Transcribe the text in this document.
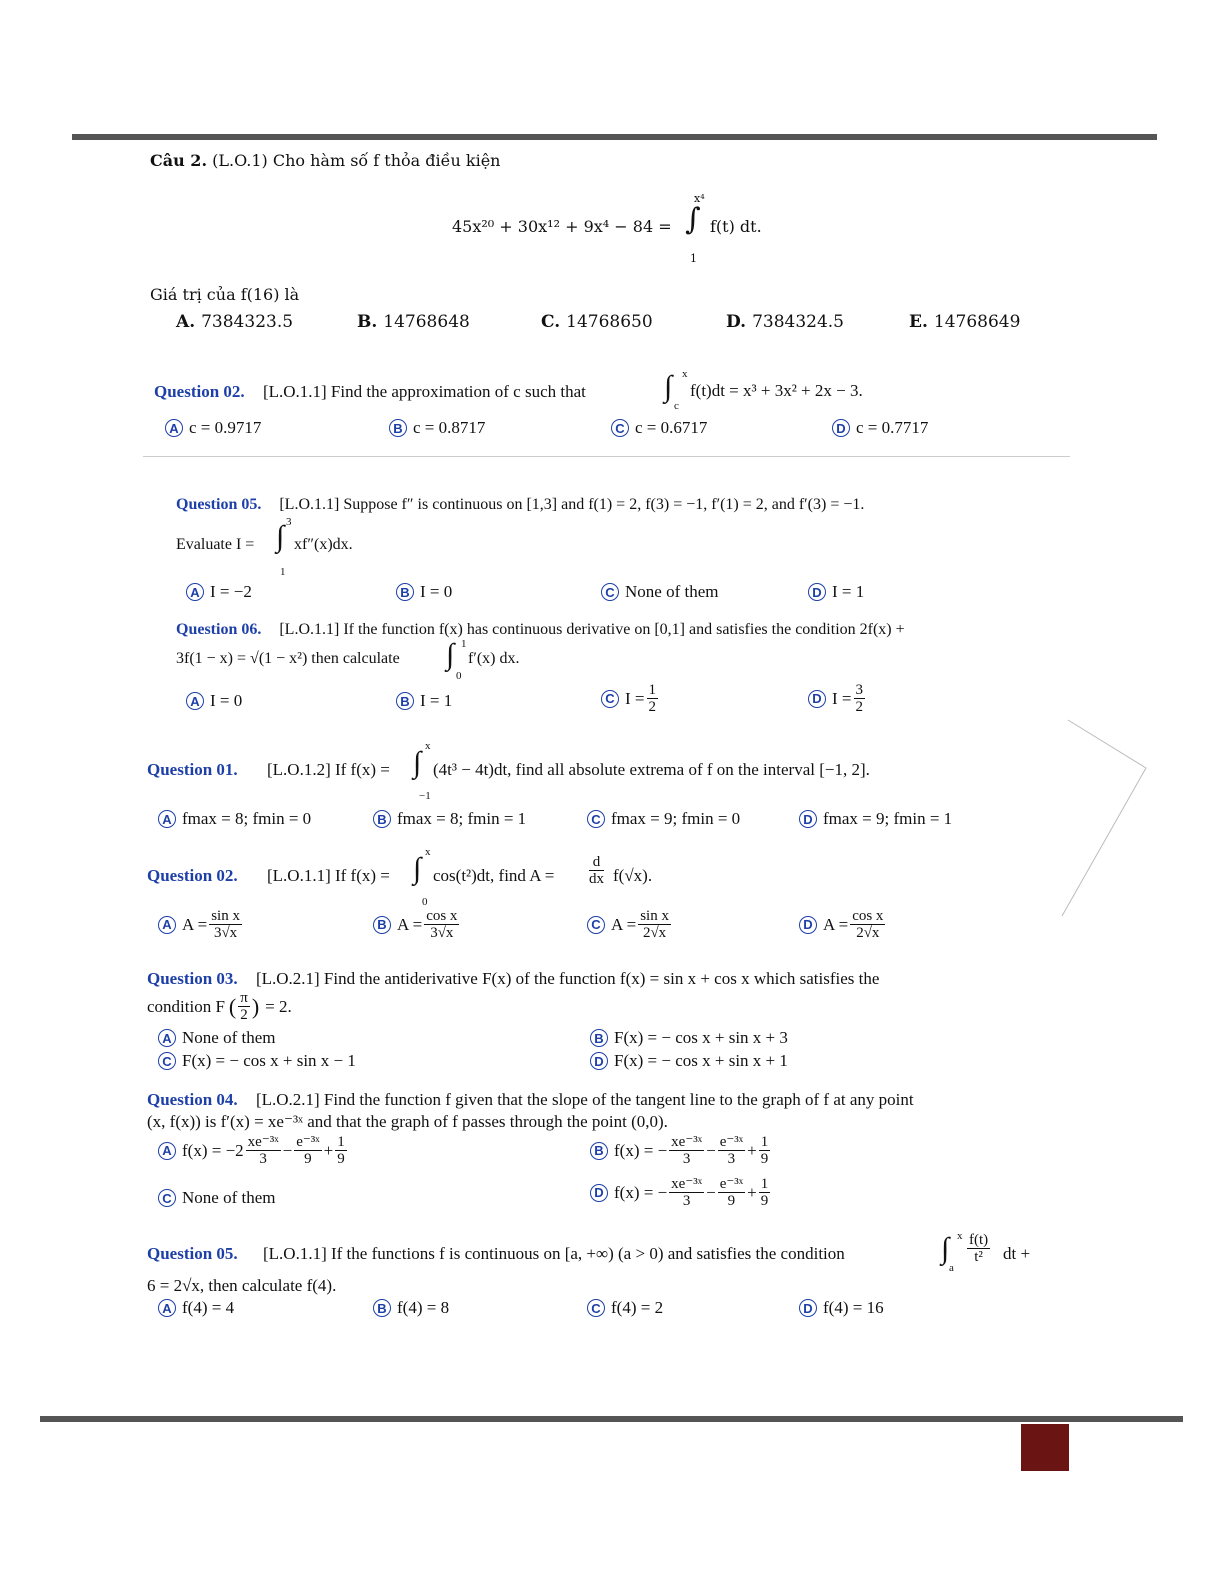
Câu 2. (L.O.1) Cho hàm số f thỏa điều kiện
45x²⁰ + 30x¹² + 9x⁴ − 84 = ∫
x⁴
1
f(t) dt.
Giá trị của f(16) là
A. 7384323.5	B. 14768648	C. 14768650	D. 7384324.5	E. 14768649
Question 02. [L.O.1.1] Find the approximation of c such that	∫ x
c
f(t)dt = x³ + 3x² + 2x − 3.
A c = 0.9717	B c = 0.8717	C c = 0.6717	D c = 0.7717
Question 05. [L.O.1.1] Suppose f″ is continuous on [1,3] and f(1) = 2, f(3) = −1, f′(1) = 2, and f′(3) = −1.
Evaluate I = ∫ 3
1
xf″(x)dx.
A I = −2	B I = 0	C None of them	D I = 1
Question 06. [L.O.1.1] If the function f(x) has continuous derivative on [0,1] and satisfies the condition 2f(x) +
3f(1 − x) = √(1 − x²) then calculate ∫ 1
0
f′(x) dx.
A I = 0	B I = 1	C $I = \frac{1}{2}$	D $I = \frac{3}{2}$
Question 01. [L.O.1.2] If f(x) = ∫ x
−1
(4t³ − 4t)dt, find all absolute extrema of f on the interval [−1, 2].
A fmax = 8; fmin = 0	B fmax = 8; fmin = 1	C fmax = 9; fmin = 0	D fmax = 9; fmin = 1
Question 02. [L.O.1.1] If f(x) = ∫ x
0
cos(t²)dt, find $A = \frac{d}{dx} f(√x)$.
A $A = \frac{\text{sin x}}{3√x}$	B $A = \frac{\text{cos x}}{3√x}$	C $A = \frac{\text{sin x}}{2√x}$	D $A = \frac{\text{cos x}}{2√x}$
Question 03. [L.O.2.1] Find the antiderivative F(x) of the function f(x) = sin x + cos x which satisfies the
condition F ( $\frac{\pi}{2}$ ) = 2.
A None of them	B F(x) = − cos x + sin x + 3
C F(x) = − cos x + sin x − 1	D F(x) = − cos x + sin x + 1
Question 04. [L.O.2.1] Find the function f given that the slope of the tangent line to the graph of f at any point
(x, f(x)) is f′(x) = xe⁻³ˣ and that the graph of f passes through the point (0,0).
A $f(x) = -2 \frac{\text{xe⁻³ˣ}}{3} - \frac{\text{e⁻³ˣ}}{9} + \frac{1}{9}$	B f(x) = − $\frac{\text{xe⁻³ˣ}}{3} - \frac{\text{e⁻³ˣ}}{3} + \frac{1}{9}$
C None of them	D f(x) = − $\frac{\text{xe⁻³ˣ}}{3} - \frac{\text{e⁻³ˣ}}{9} + \frac{1}{9}$
Question 05. [L.O.1.1] If the functions f is continuous on [a, +∞) (a > 0) and satisfies the condition	∫ x
a
$\frac{f(t)}{\text{t²}}$ dt +
6 = 2√x, then calculate f(4).
A f(4) = 4	B f(4) = 8	C f(4) = 2	D f(4) = 16
